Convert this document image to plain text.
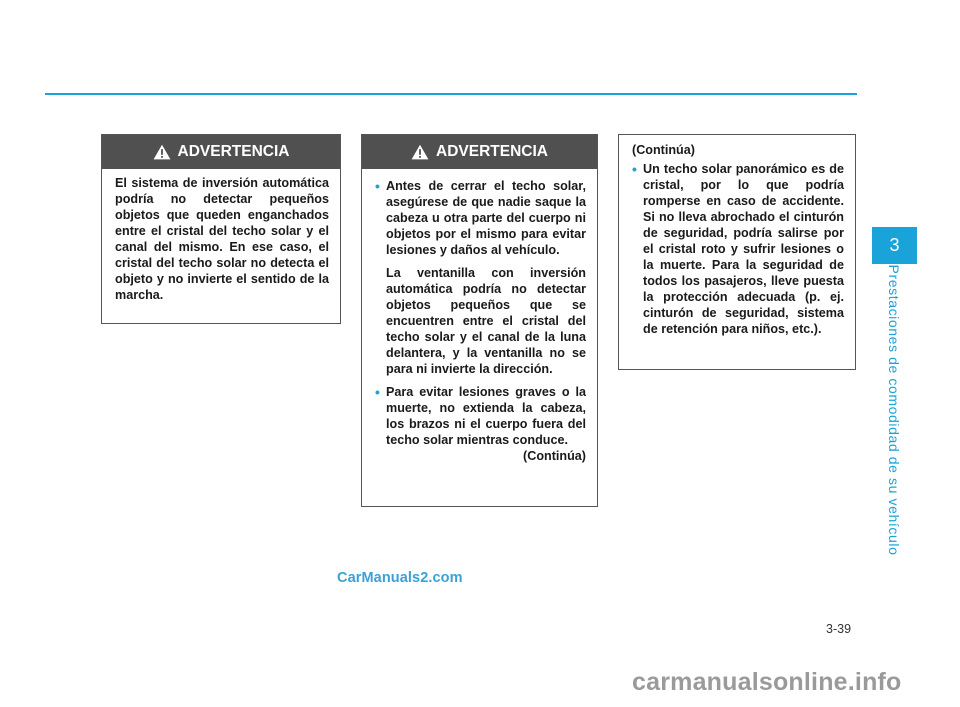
3
Prestaciones de comodidad de su vehículo
ADVERTENCIA

El sistema de inversión automática podría no detectar pequeños objetos que queden enganchados entre el cristal del techo solar y el canal del mismo. En ese caso, el cristal del techo solar no detecta el objeto y no invierte el sentido de la marcha.

ADVERTENCIA
• Antes de cerrar el techo solar, asegúrese de que nadie saque la cabeza u otra parte del cuerpo ni objetos por el mismo para evitar lesiones y daños al vehículo.

La ventanilla con inversión automática podría no detectar objetos pequeños que se encuentren entre el cristal del techo solar y el canal de la luna delantera, y la ventanilla no se para ni invierte la dirección.

• Para evitar lesiones graves o la muerte, no extienda la cabeza, los brazos ni el cuerpo fuera del techo solar mientras conduce.

(Continúa)

(Continúa)

• Un techo solar panorámico es de cristal, por lo que podría romperse en caso de accidente. Si no lleva abrochado el cinturón de seguridad, podría salirse por el cristal roto y sufrir lesiones o la muerte. Para la seguridad de todos los pasajeros, lleve puesta la protección adecuada (p. ej. cinturón de seguridad, sistema de retención para niños, etc.).

CarManuals2.com
3-39
carmanualsonline.info
